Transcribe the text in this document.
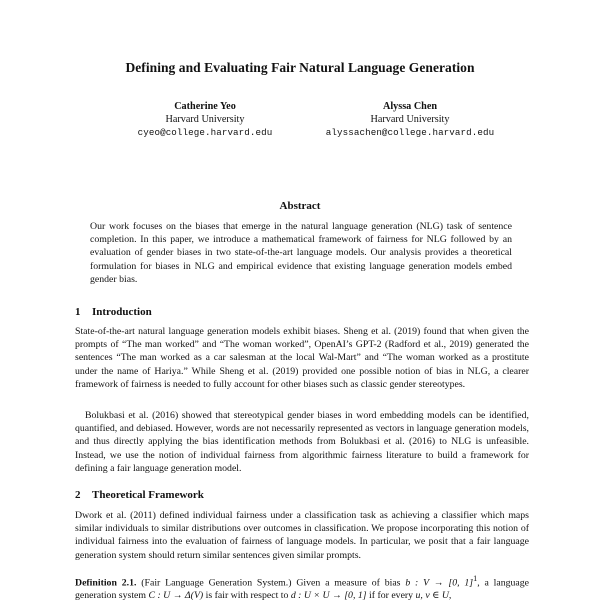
Defining and Evaluating Fair Natural Language Generation
Catherine Yeo
Harvard University
cyeo@college.harvard.edu
Alyssa Chen
Harvard University
alyssachen@college.harvard.edu
Abstract
Our work focuses on the biases that emerge in the natural language generation (NLG) task of sentence completion. In this paper, we introduce a mathematical framework of fairness for NLG followed by an evaluation of gender biases in two state-of-the-art language models. Our analysis provides a theoretical formulation for biases in NLG and empirical evidence that existing language generation models embed gender bias.
1 Introduction
State-of-the-art natural language generation models exhibit biases. Sheng et al. (2019) found that when given the prompts of “The man worked” and “The woman worked”, OpenAI’s GPT-2 (Radford et al., 2019) generated the sentences “The man worked as a car salesman at the local Wal-Mart” and “The woman worked as a prostitute under the name of Hariya.” While Sheng et al. (2019) provided one possible notion of bias in NLG, a clearer framework of fairness is needed to fully account for other biases such as classic gender stereotypes.
Bolukbasi et al. (2016) showed that stereotypical gender biases in word embedding models can be identified, quantified, and debiased. However, words are not necessarily represented as vectors in language generation models, and thus directly applying the bias identification methods from Bolukbasi et al. (2016) to NLG is unfeasible. Instead, we use the notion of individual fairness from algorithmic fairness literature to build a framework for defining a fair language generation model.
2 Theoretical Framework
Dwork et al. (2011) defined individual fairness under a classification task as achieving a classifier which maps similar individuals to similar distributions over outcomes in classification. We propose incorporating this notion of individual fairness into the evaluation of fairness of language models. In particular, we posit that a fair language generation system should return similar sentences given similar prompts.
Definition 2.1. (Fair Language Generation System.) Given a measure of bias b : V → [0, 1]$^1$, a language generation system C : U → Δ(V) is fair with respect to d : U × U → [0, 1] if for every u, v ∈ U,
